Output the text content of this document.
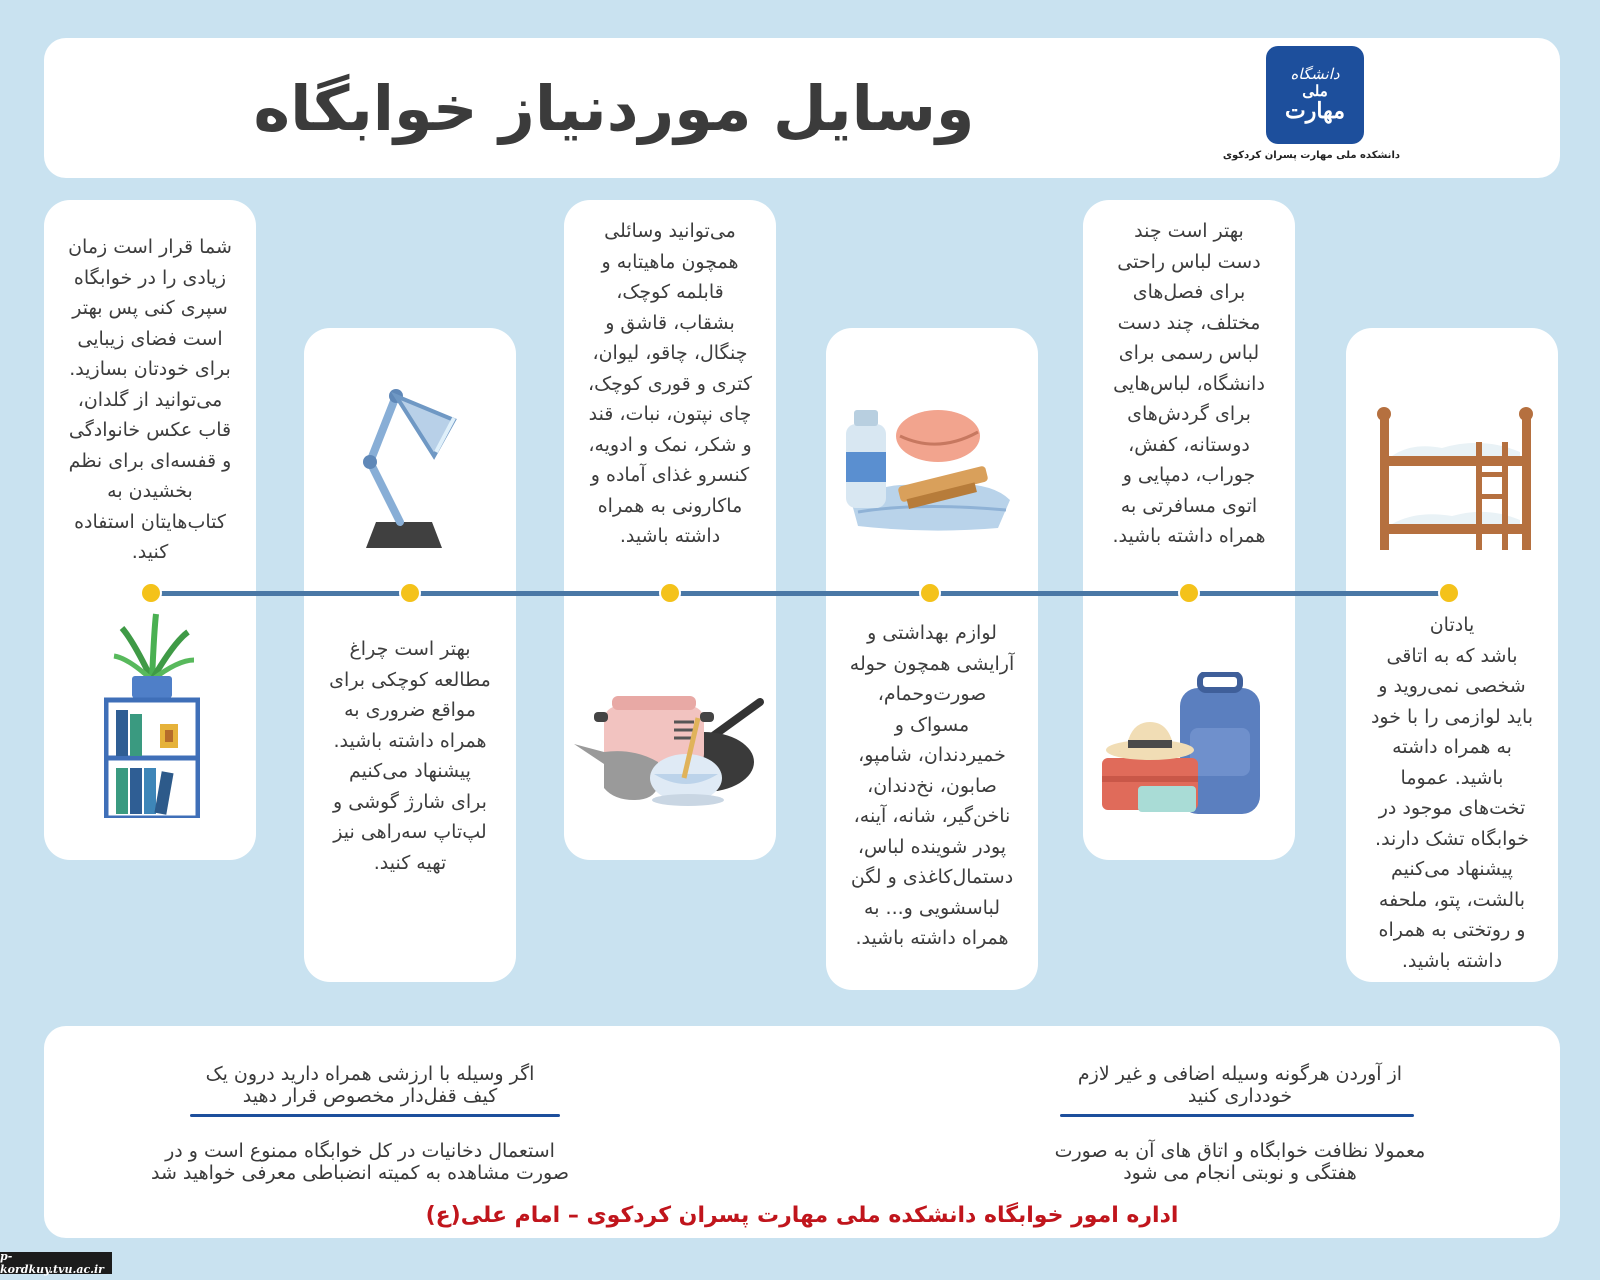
وسایل موردنیاز خوابگاه	دانشگاه
ملی
مهارت
دانشکده ملی مهارت پسران کردکوی
یادتان
باشد که به اتاقی
شخصی نمی‌روید و
باید لوازمی را با خود
به همراه داشته
باشید. عموما
تخت‌های موجود در
خوابگاه تشک دارند.
پیشنهاد می‌کنیم
بالشت، پتو، ملحفه
و روتختی به همراه
داشته باشید.
بهتر است چند
دست لباس راحتی
برای فصل‌های
مختلف، چند دست
لباس رسمی برای
دانشگاه، لباس‌هایی
برای گردش‌های
دوستانه، کفش،
جوراب، دمپایی و
اتوی مسافرتی به
همراه داشته باشید.
لوازم بهداشتی و
آرایشی همچون حوله
صورت‌وحمام،
مسواک و
خمیردندان، شامپو،
صابون، نخ‌دندان،
ناخن‌گیر، شانه، آینه،
پودر شوینده لباس،
دستمال‌کاغذی و لگن
لباسشویی و... به
همراه داشته باشید.
می‌توانید وسائلی
همچون ماهیتابه و
قابلمه کوچک،
بشقاب، قاشق و
چنگال، چاقو، لیوان،
کتری و قوری کوچک،
چای نپتون، نبات، قند
و شکر، نمک و ادویه،
کنسرو غذای آماده و
ماکارونی به همراه
داشته باشید.
بهتر است چراغ
مطالعه کوچکی برای
مواقع ضروری به
همراه داشته باشید.
پیشنهاد می‌کنیم
برای شارژ گوشی و
لپ‌تاپ سه‌راهی نیز
تهیه کنید.
شما قرار است زمان
زیادی را در خوابگاه
سپری کنی پس بهتر
است فضای زیبایی
برای خودتان بسازید.
می‌توانید از گلدان،
قاب عکس خانوادگی
و قفسه‌ای برای نظم
بخشیدن به
کتاب‌هایتان استفاده
کنید.
از آوردن هرگونه وسیله اضافی و غیر لازم
خودداری کنید
معمولا نظافت خوابگاه و اتاق های آن به صورت
هفتگی و نوبتی انجام می شود
اگر وسیله با ارزشی همراه دارید درون یک
کیف قفل‌دار مخصوص قرار دهید
استعمال دخانیات در کل خوابگاه ممنوع است و در
صورت مشاهده به کمیته انضباطی معرفی خواهید شد
اداره امور خوابگاه دانشکده ملی مهارت پسران کردکوی – امام علی(ع)
p-kordkuy.tvu.ac.ir
